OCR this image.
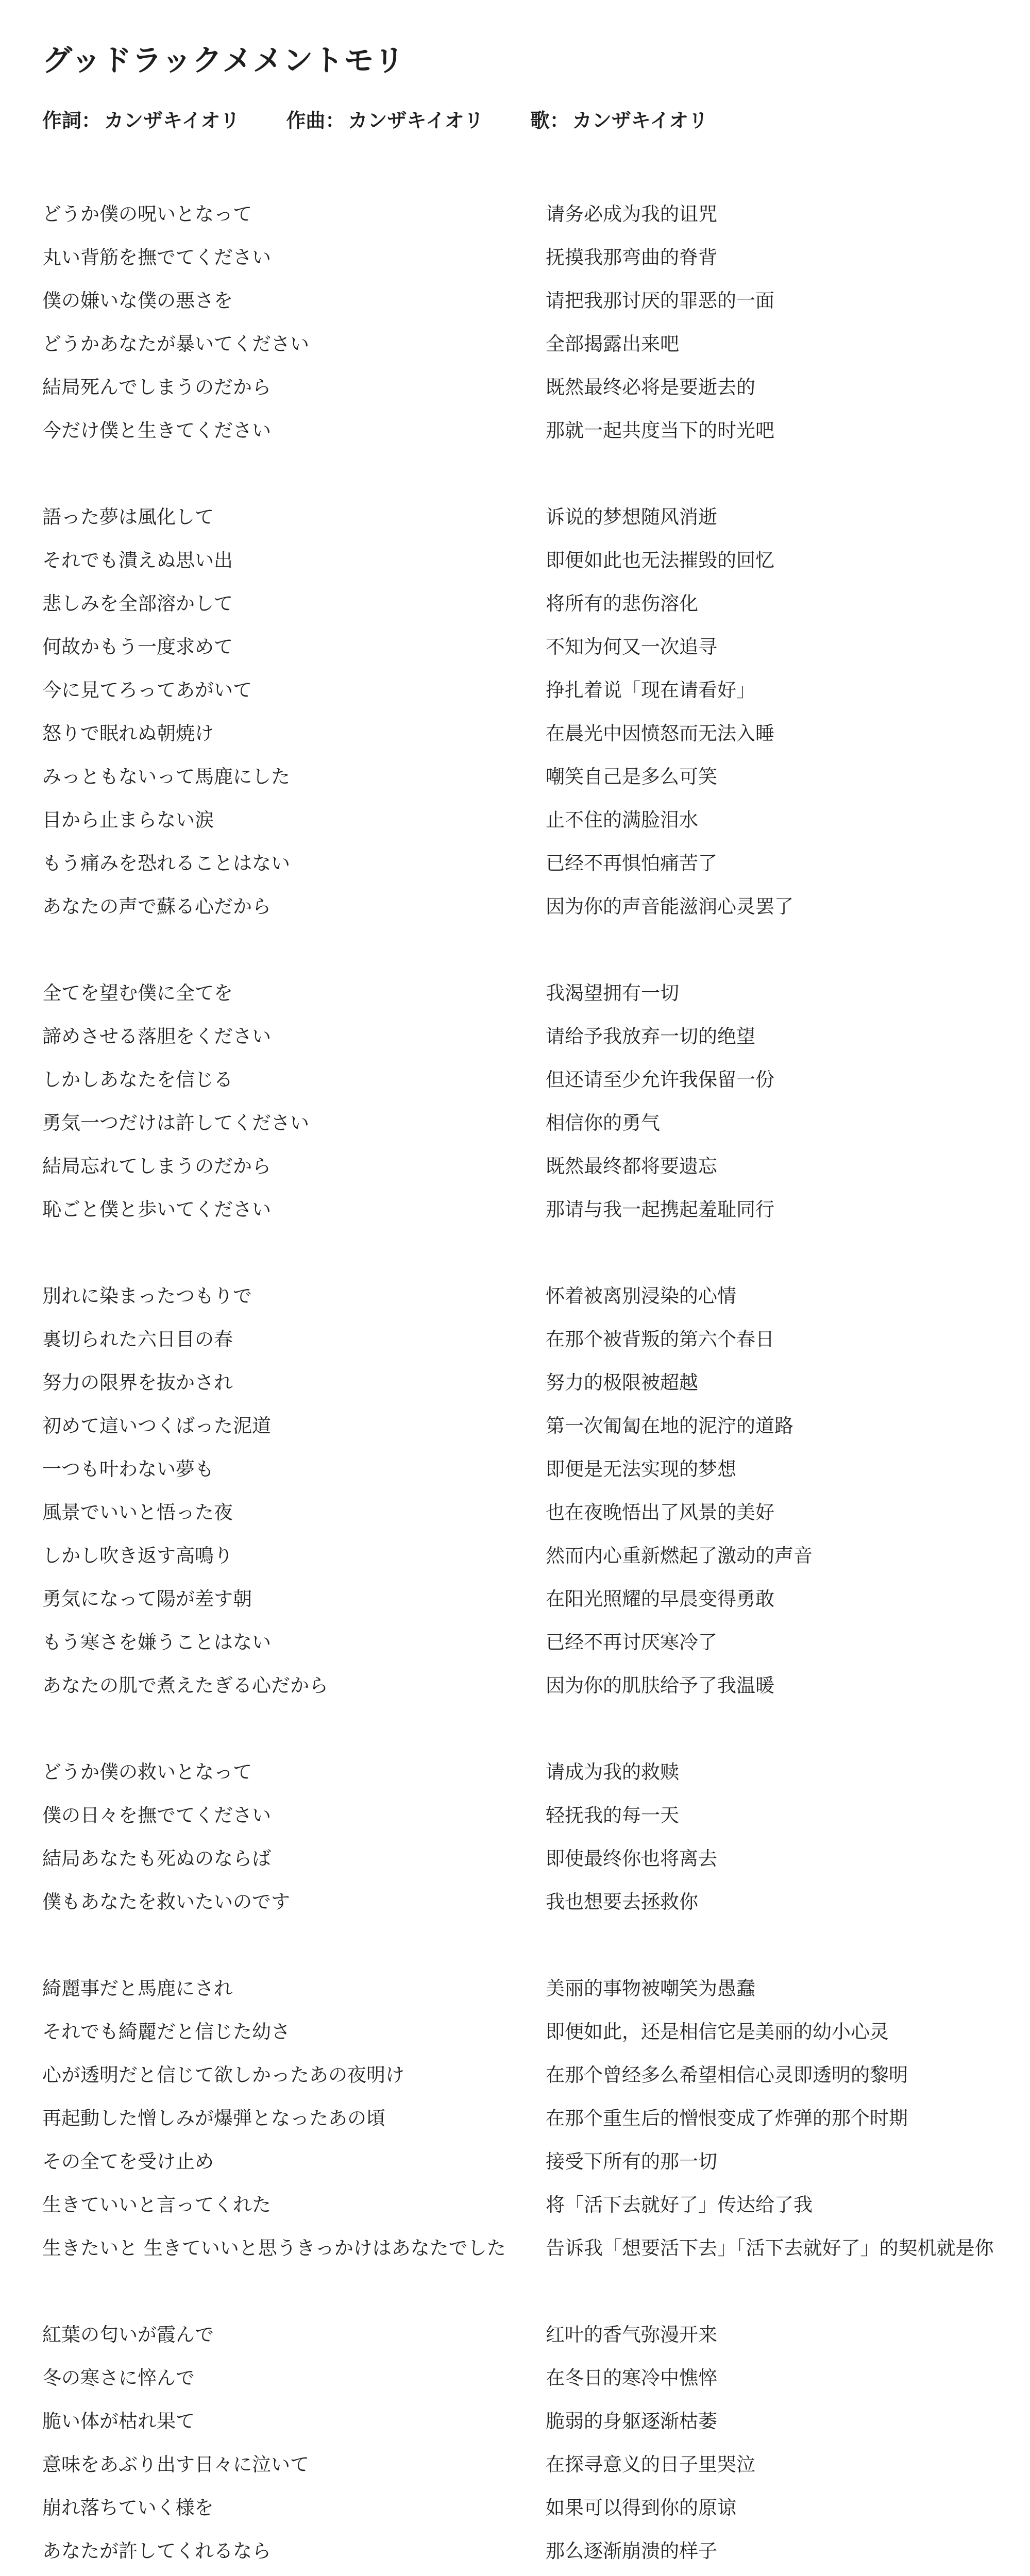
グッドラックメメントモリ
作詞： カンザキイオリ 作曲： カンザキイオリ 歌： カンザキイオリ
どうか僕の呪いとなって	请务必成为我的诅咒
丸い背筋を撫でてください	抚摸我那弯曲的脊背
僕の嫌いな僕の悪さを	请把我那讨厌的罪恶的一面
どうかあなたが暴いてください	全部揭露出来吧
結局死んでしまうのだから	既然最终必将是要逝去的
今だけ僕と生きてください	那就一起共度当下的时光吧
語った夢は風化して	诉说的梦想随风消逝
それでも潰えぬ思い出	即便如此也无法摧毁的回忆
悲しみを全部溶かして	将所有的悲伤溶化
何故かもう一度求めて	不知为何又一次追寻
今に見てろってあがいて	挣扎着说「现在请看好」
怒りで眠れぬ朝焼け	在晨光中因愤怒而无法入睡
みっともないって馬鹿にした	嘲笑自己是多么可笑
目から止まらない涙	止不住的满脸泪水
もう痛みを恐れることはない	已经不再惧怕痛苦了
あなたの声で蘇る心だから	因为你的声音能滋润心灵罢了
全てを望む僕に全てを	我渴望拥有一切
諦めさせる落胆をください	请给予我放弃一切的绝望
しかしあなたを信じる	但还请至少允许我保留一份
勇気一つだけは許してください	相信你的勇气
結局忘れてしまうのだから	既然最终都将要遗忘
恥ごと僕と歩いてください	那请与我一起携起羞耻同行
別れに染まったつもりで	怀着被离别浸染的心情
裏切られた六日目の春	在那个被背叛的第六个春日
努力の限界を抜かされ	努力的极限被超越
初めて這いつくばった泥道	第一次匍匐在地的泥泞的道路
一つも叶わない夢も	即便是无法实现的梦想
風景でいいと悟った夜	也在夜晚悟出了风景的美好
しかし吹き返す高鳴り	然而内心重新燃起了激动的声音
勇気になって陽が差す朝	在阳光照耀的早晨变得勇敢
もう寒さを嫌うことはない	已经不再讨厌寒冷了
あなたの肌で煮えたぎる心だから	因为你的肌肤给予了我温暖
どうか僕の救いとなって	请成为我的救赎
僕の日々を撫でてください	轻抚我的每一天
結局あなたも死ぬのならば	即使最终你也将离去
僕もあなたを救いたいのです	我也想要去拯救你
綺麗事だと馬鹿にされ	美丽的事物被嘲笑为愚蠢
それでも綺麗だと信じた幼さ	即便如此，还是相信它是美丽的幼小心灵
心が透明だと信じて欲しかったあの夜明け	在那个曾经多么希望相信心灵即透明的黎明
再起動した憎しみが爆弾となったあの頃	在那个重生后的憎恨变成了炸弹的那个时期
その全てを受け止め	接受下所有的那一切
生きていいと言ってくれた	将「活下去就好了」传达给了我
生きたいと 生きていいと思うきっかけはあなたでした	告诉我「想要活下去」「活下去就好了」的契机就是你
紅葉の匂いが霞んで	红叶的香气弥漫开来
冬の寒さに悴んで	在冬日的寒冷中憔悴
脆い体が枯れ果て	脆弱的身躯逐渐枯萎
意味をあぶり出す日々に泣いて	在探寻意义的日子里哭泣
崩れ落ちていく様を	如果可以得到你的原谅
あなたが許してくれるなら	那么逐渐崩溃的样子
